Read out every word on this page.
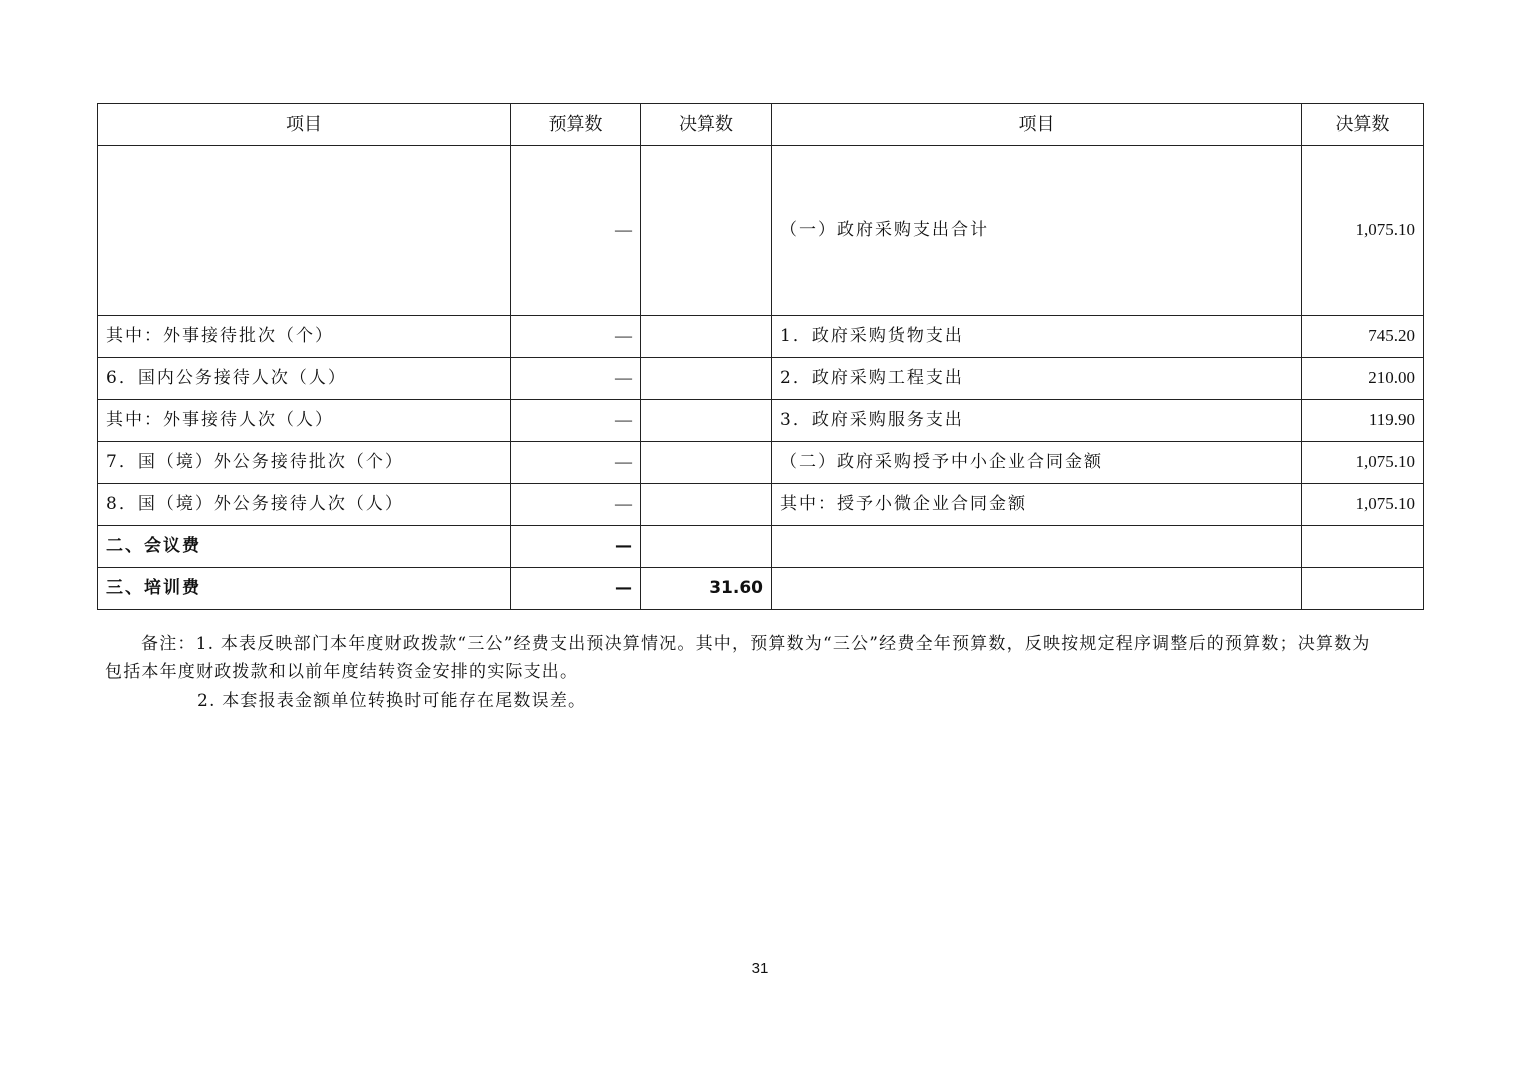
项目	预算数	决算数	项目	决算数
	—		（一）政府采购支出合计	1,075.10
其中：外事接待批次（个）	—		1．政府采购货物支出	745.20
6．国内公务接待人次（人）	—		2．政府采购工程支出	210.00
其中：外事接待人次（人）	—		3．政府采购服务支出	119.90
7．国（境）外公务接待批次（个）	—		（二）政府采购授予中小企业合同金额	1,075.10
8．国（境）外公务接待人次（人）	—		其中：授予小微企业合同金额	1,075.10
二、会议费	—			
三、培训费	—	31.60		
备注：1. 本表反映部门本年度财政拨款“三公”经费支出预决算情况。其中，预算数为“三公”经费全年预算数，反映按规定程序调整后的预算数；决算数为
包括本年度财政拨款和以前年度结转资金安排的实际支出。
2. 本套报表金额单位转换时可能存在尾数误差。
31
